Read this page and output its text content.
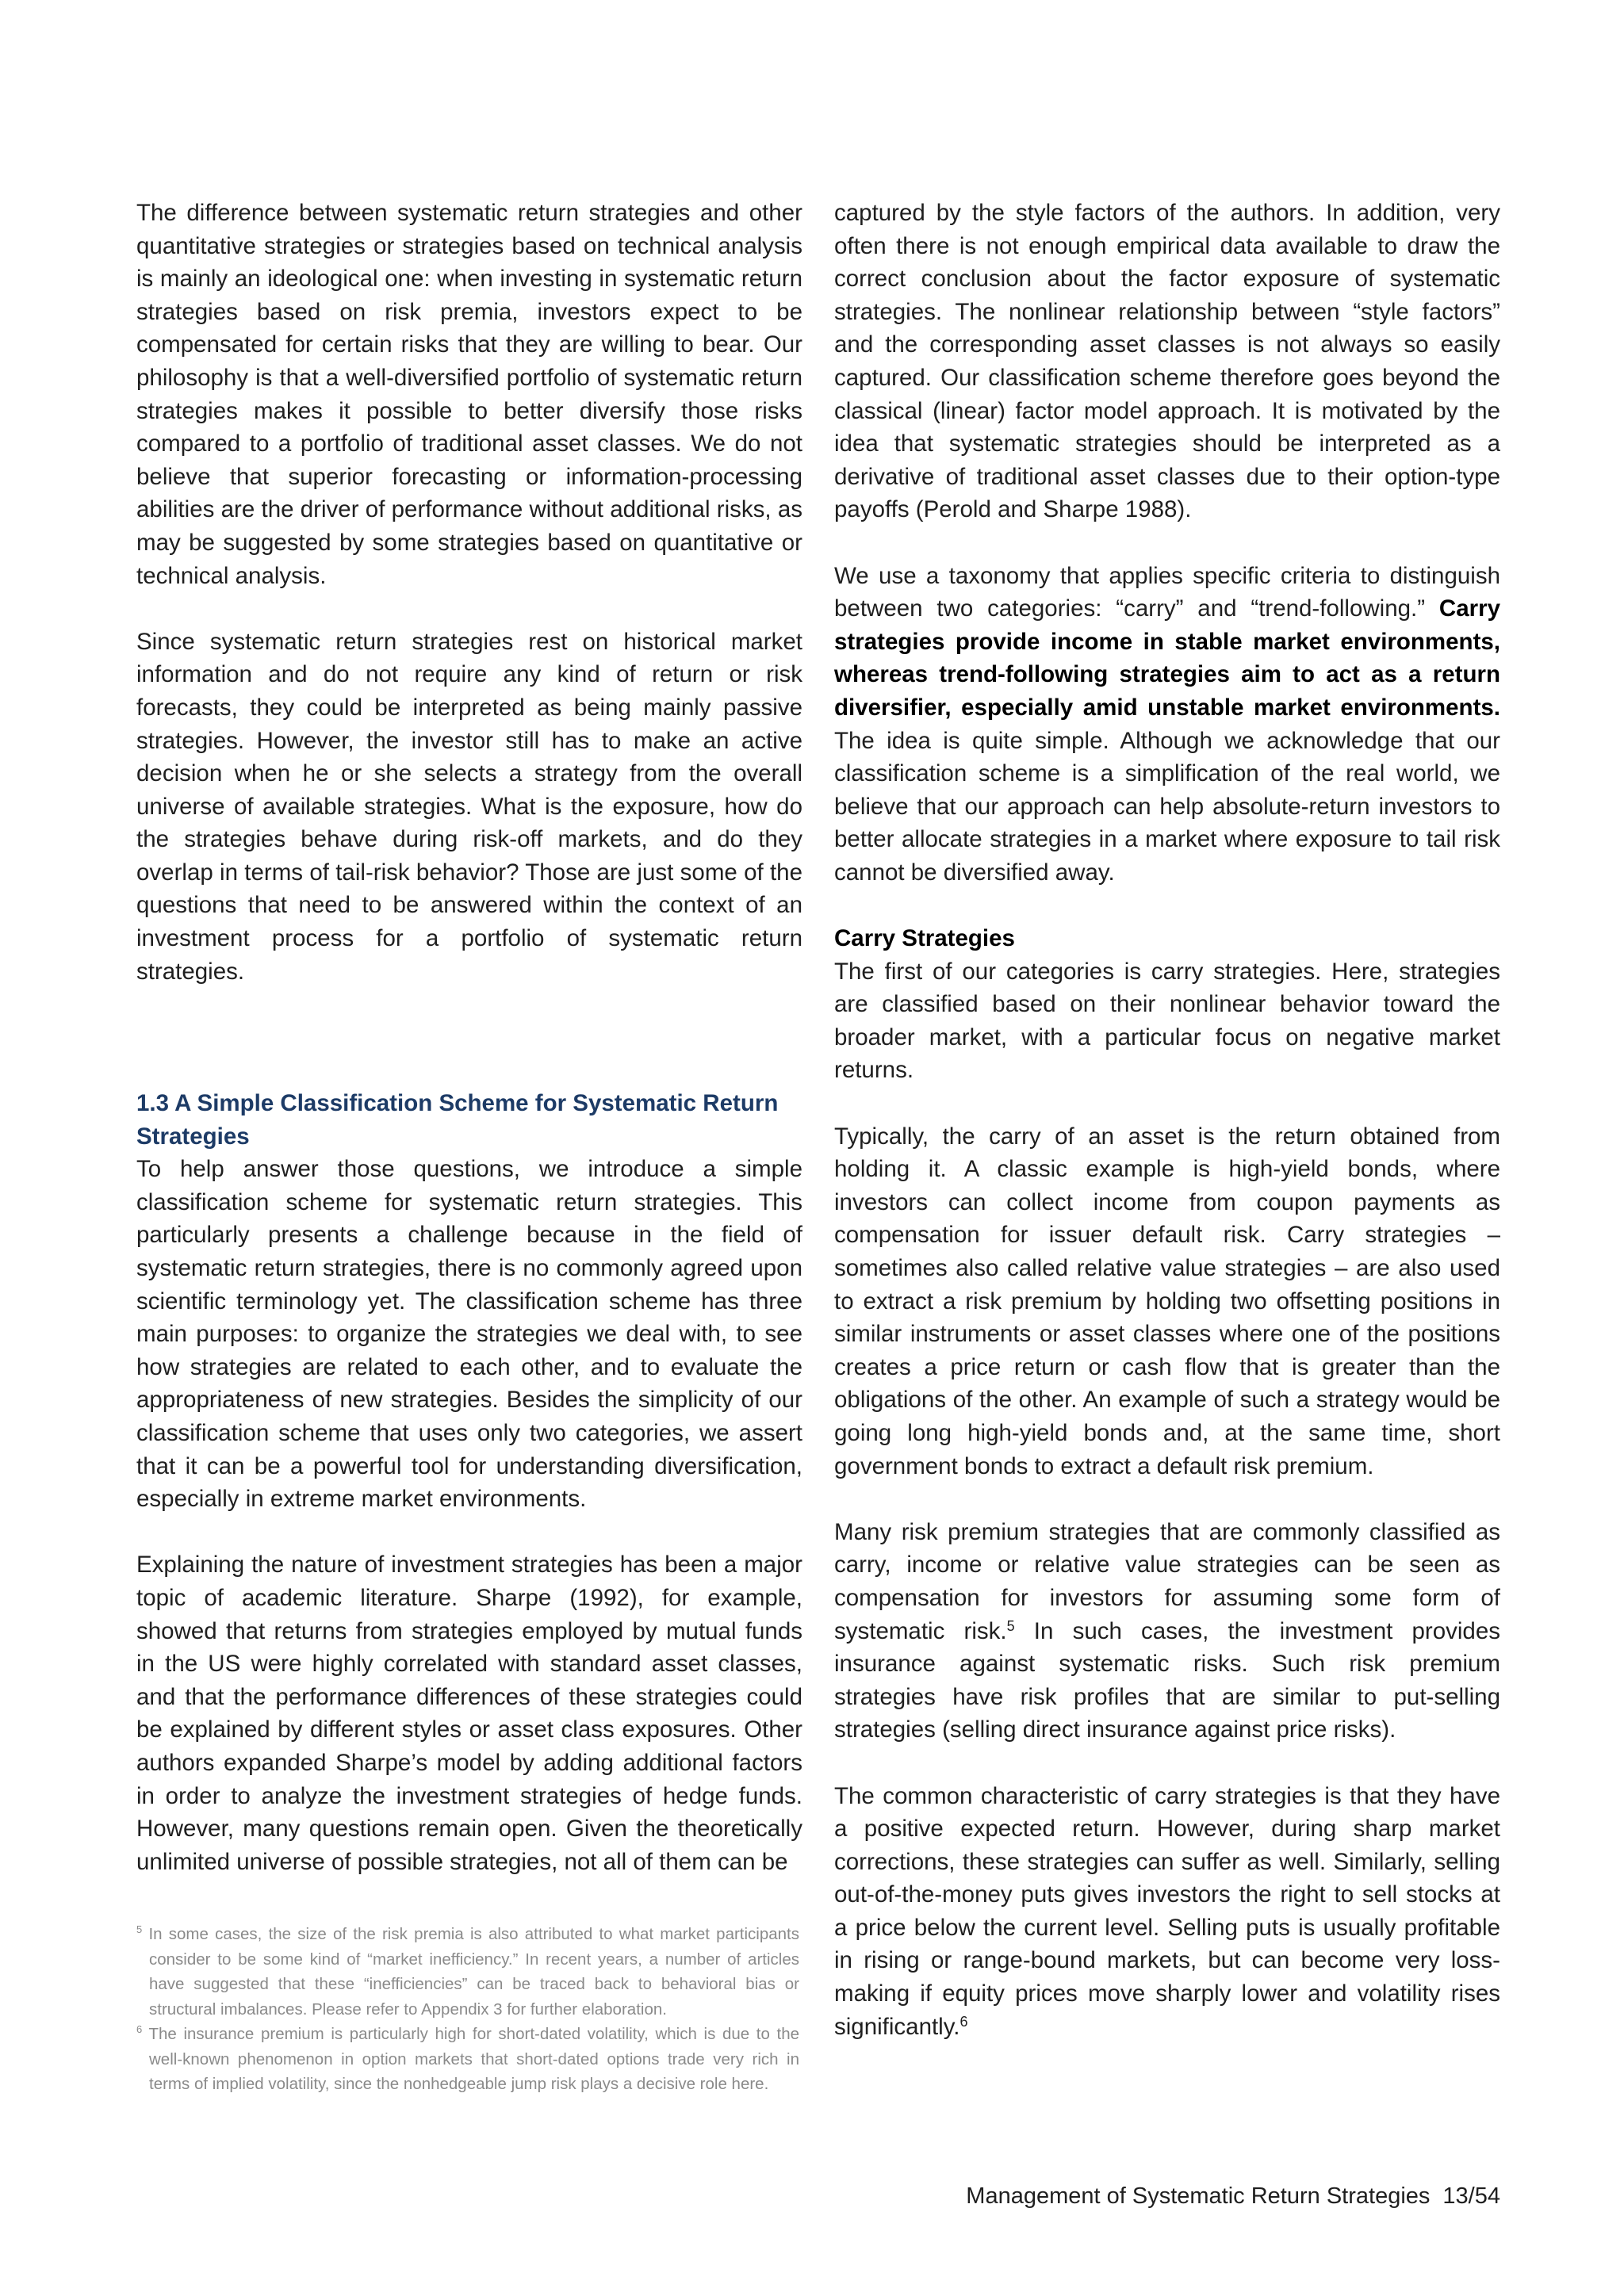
The difference between systematic return strategies and other quantitative strategies or strategies based on technical analysis is mainly an ideological one: when investing in systematic return strategies based on risk premia, investors expect to be compensated for certain risks that they are willing to bear. Our philosophy is that a well-diversified portfolio of systematic return strategies makes it possible to better diversify those risks compared to a portfolio of traditional asset classes. We do not believe that superior forecasting or information-processing abilities are the driver of performance without additional risks, as may be suggested by some strategies based on quantitative or technical analysis.

Since systematic return strategies rest on historical market information and do not require any kind of return or risk forecasts, they could be interpreted as being mainly passive strategies. However, the investor still has to make an active decision when he or she selects a strategy from the overall universe of available strategies. What is the exposure, how do the strategies behave during risk-off markets, and do they overlap in terms of tail-risk behavior? Those are just some of the questions that need to be answered within the context of an investment process for a portfolio of systematic return strategies.

1.3 A Simple Classification Scheme for Systematic Return Strategies

To help answer those questions, we introduce a simple classification scheme for systematic return strategies. This particularly presents a challenge because in the field of systematic return strategies, there is no commonly agreed upon scientific terminology yet. The classification scheme has three main purposes: to organize the strategies we deal with, to see how strategies are related to each other, and to evaluate the appropriateness of new strategies. Besides the simplicity of our classification scheme that uses only two categories, we assert that it can be a powerful tool for understanding diversification, especially in extreme market environments.

Explaining the nature of investment strategies has been a major topic of academic literature. Sharpe (1992), for example, showed that returns from strategies employed by mutual funds in the US were highly correlated with standard asset classes, and that the performance differences of these strategies could be explained by different styles or asset class exposures. Other authors expanded Sharpe’s model by adding additional factors in order to analyze the investment strategies of hedge funds. However, many questions remain open. Given the theoretically unlimited universe of possible strategies, not all of them can be

captured by the style factors of the authors. In addition, very often there is not enough empirical data available to draw the correct conclusion about the factor exposure of systematic strategies. The nonlinear relationship between “style factors” and the corresponding asset classes is not always so easily captured. Our classification scheme therefore goes beyond the classical (linear) factor model approach. It is motivated by the idea that systematic strategies should be interpreted as a derivative of traditional asset classes due to their option-type payoffs (Perold and Sharpe 1988).

We use a taxonomy that applies specific criteria to distinguish between two categories: “carry” and “trend-following.” Carry strategies provide income in stable market environments, whereas trend-following strategies aim to act as a return diversifier, especially amid unstable market environments. The idea is quite simple. Although we acknowledge that our classification scheme is a simplification of the real world, we believe that our approach can help absolute-return investors to better allocate strategies in a market where exposure to tail risk cannot be diversified away.

Carry Strategies

The first of our categories is carry strategies. Here, strategies are classified based on their nonlinear behavior toward the broader market, with a particular focus on negative market returns.

Typically, the carry of an asset is the return obtained from holding it. A classic example is high-yield bonds, where investors can collect income from coupon payments as compensation for issuer default risk. Carry strategies – sometimes also called relative value strategies – are also used to extract a risk premium by holding two offsetting positions in similar instruments or asset classes where one of the positions creates a price return or cash flow that is greater than the obligations of the other. An example of such a strategy would be going long high-yield bonds and, at the same time, short government bonds to extract a default risk premium.

Many risk premium strategies that are commonly classified as carry, income or relative value strategies can be seen as compensation for investors for assuming some form of systematic risk.$^5$ In such cases, the investment provides insurance against systematic risks. Such risk premium strategies have risk profiles that are similar to put-selling strategies (selling direct insurance against price risks).

The common characteristic of carry strategies is that they have a positive expected return. However, during sharp market corrections, these strategies can suffer as well. Similarly, selling out-of-the-money puts gives investors the right to sell stocks at a price below the current level. Selling puts is usually profitable in rising or range-bound markets, but can become very loss-making if equity prices move sharply lower and volatility rises significantly.$^6$

$^5$ In some cases, the size of the risk premia is also attributed to what market participants consider to be some kind of “market inefficiency.” In recent years, a number of articles have suggested that these “inefficiencies” can be traced back to behavioral bias or structural imbalances. Please refer to Appendix 3 for further elaboration.

$^6$ The insurance premium is particularly high for short-dated volatility, which is due to the well-known phenomenon in option markets that short-dated options trade very rich in terms of implied volatility, since the nonhedgeable jump risk plays a decisive role here.

Management of Systematic Return Strategies 13/54
